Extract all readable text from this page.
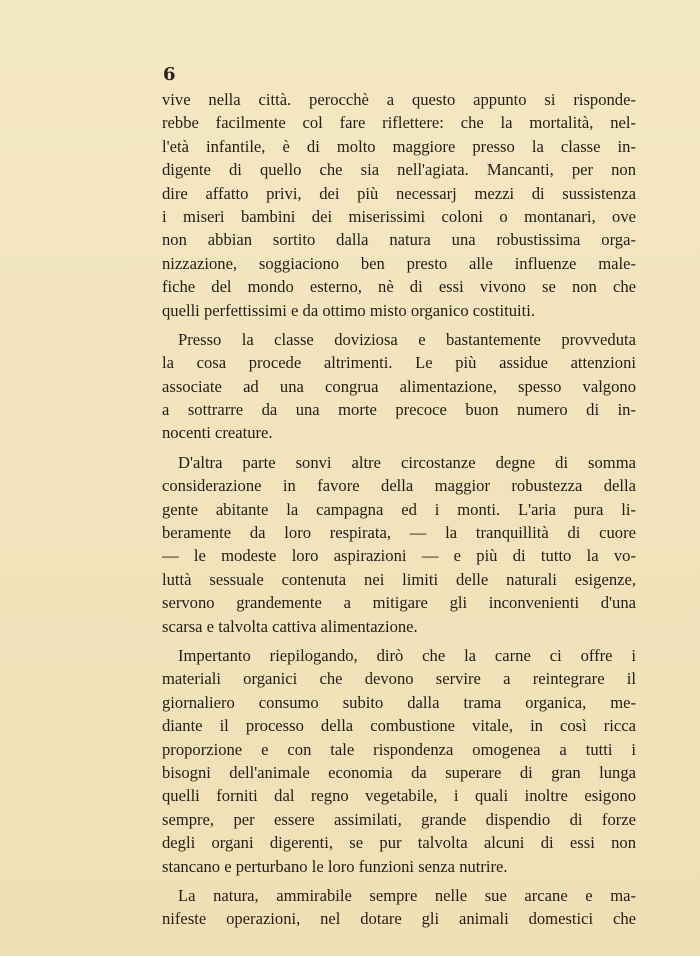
6
vive nella città. perocchè a questo appunto si risponde-
rebbe facilmente col fare riflettere: che la mortalità, nel-
l'età infantile, è di molto maggiore presso la classe in-
digente di quello che sia nell'agiata. Mancanti, per non
dire affatto privi, dei più necessarj mezzi di sussistenza
i miseri bambini dei miserissimi coloni o montanari, ove
non abbian sortito dalla natura una robustissima orga-
nizzazione, soggiaciono ben presto alle influenze male-
fiche del mondo esterno, nè di essi vivono se non che
quelli perfettissimi e da ottimo misto organico costituiti.
Presso la classe doviziosa e bastantemente provveduta
la cosa procede altrimenti. Le più assidue attenzioni
associate ad una congrua alimentazione, spesso valgono
a sottrarre da una morte precoce buon numero di in-
nocenti creature.
D'altra parte sonvi altre circostanze degne di somma
considerazione in favore della maggior robustezza della
gente abitante la campagna ed i monti. L'aria pura li-
beramente da loro respirata, — la tranquillità di cuore
— le modeste loro aspirazioni — e più di tutto la vo-
luttà sessuale contenuta nei limiti delle naturali esigenze,
servono grandemente a mitigare gli inconvenienti d'una
scarsa e talvolta cattiva alimentazione.
Impertanto riepilogando, dirò che la carne ci offre i
materiali organici che devono servire a reintegrare il
giornaliero consumo subito dalla trama organica, me-
diante il processo della combustione vitale, in così ricca
proporzione e con tale rispondenza omogenea a tutti i
bisogni dell'animale economia da superare di gran lunga
quelli forniti dal regno vegetabile, i quali inoltre esigono
sempre, per essere assimilati, grande dispendio di forze
degli organi digerenti, se pur talvolta alcuni di essi non
stancano e perturbano le loro funzioni senza nutrire.
La natura, ammirabile sempre nelle sue arcane e ma-
nifeste operazioni, nel dotare gli animali domestici che
